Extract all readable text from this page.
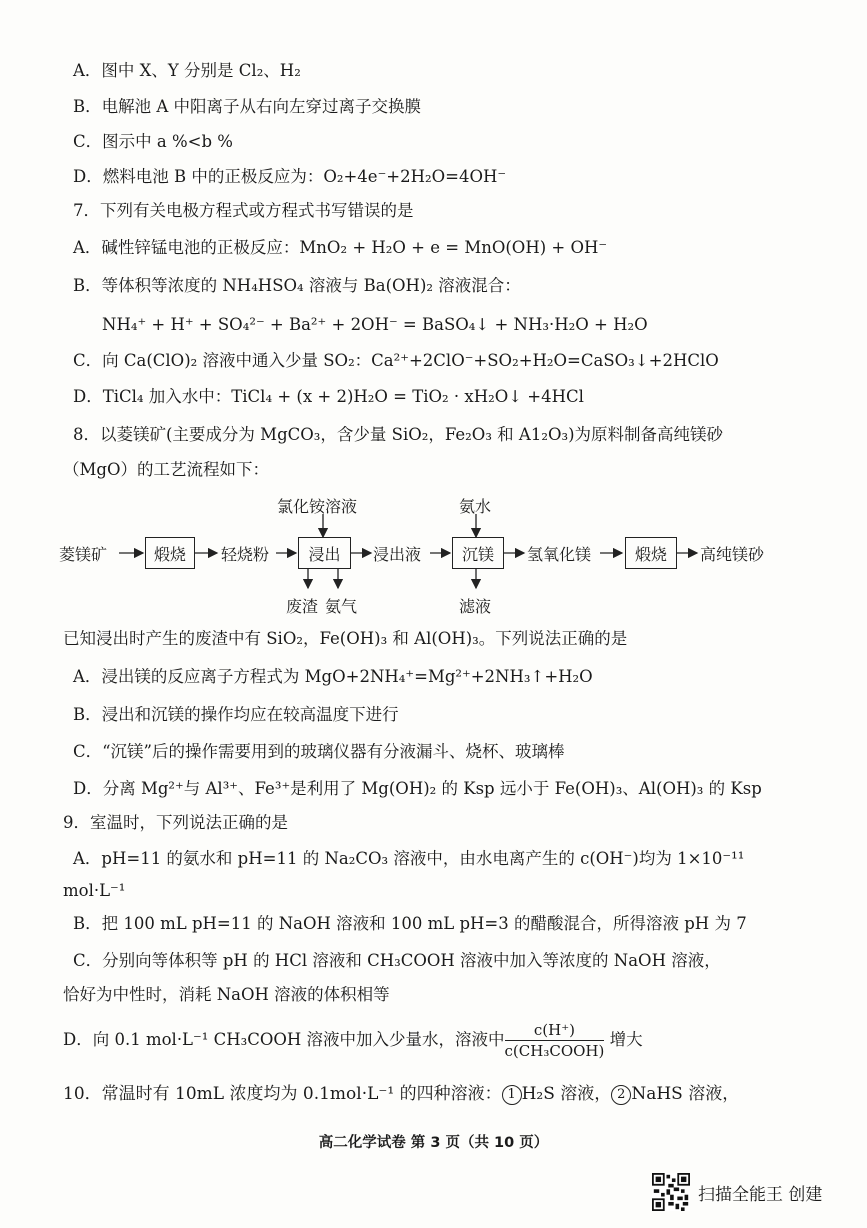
A．图中 X、Y 分别是 Cl₂、H₂
B．电解池 A 中阳离子从右向左穿过离子交换膜
C．图示中 a %<b %
D．燃料电池 B 中的正极反应为：O₂+4e⁻+2H₂O=4OH⁻
7．下列有关电极方程式或方程式书写错误的是
A．碱性锌锰电池的正极反应：MnO₂ + H₂O + e = MnO(OH) + OH⁻
B．等体积等浓度的 NH₄HSO₄ 溶液与 Ba(OH)₂ 溶液混合：
NH₄⁺ + H⁺ + SO₄²⁻ + Ba²⁺ + 2OH⁻ = BaSO₄↓ + NH₃·H₂O + H₂O
C．向 Ca(ClO)₂ 溶液中通入少量 SO₂：Ca²⁺+2ClO⁻+SO₂+H₂O=CaSO₃↓+2HClO
D．TiCl₄ 加入水中：TiCl₄ + (x + 2)H₂O = TiO₂ · xH₂O↓ +4HCl
8．以菱镁矿(主要成分为 MgCO₃，含少量 SiO₂，Fe₂O₃ 和 A1₂O₃)为原料制备高纯镁砂
（MgO）的工艺流程如下：
菱镁矿	煅烧	轻烧粉
氯化铵溶液
浸出
废渣 氨气
浸出液
氨水
沉镁
滤液
氢氧化镁	煅烧	高纯镁砂
已知浸出时产生的废渣中有 SiO₂，Fe(OH)₃ 和 Al(OH)₃。下列说法正确的是
A．浸出镁的反应离子方程式为 MgO+2NH₄⁺=Mg²⁺+2NH₃↑+H₂O
B．浸出和沉镁的操作均应在较高温度下进行
C．“沉镁”后的操作需要用到的玻璃仪器有分液漏斗、烧杯、玻璃棒
D．分离 Mg²⁺与 Al³⁺、Fe³⁺是利用了 Mg(OH)₂ 的 Ksp 远小于 Fe(OH)₃、Al(OH)₃ 的 Ksp
9．室温时，下列说法正确的是
A．pH=11 的氨水和 pH=11 的 Na₂CO₃ 溶液中，由水电离产生的 c(OH⁻)均为 1×10⁻¹¹
mol·L⁻¹
B．把 100 mL pH=11 的 NaOH 溶液和 100 mL pH=3 的醋酸混合，所得溶液 pH 为 7
C．分别向等体积等 pH 的 HCl 溶液和 CH₃COOH 溶液中加入等浓度的 NaOH 溶液，
恰好为中性时，消耗 NaOH 溶液的体积相等
D．向 0.1 mol·L⁻¹ CH₃COOH 溶液中加入少量水，溶液中 $\frac{c(H^+)}{\text{c(CH₃COOH)}}$ 增大
10．常温时有 10mL 浓度均为 0.1mol·L⁻¹ 的四种溶液： 1 H₂S 溶液， 2 NaHS 溶液，
高二化学试卷 第 3 页（共 10 页）
扫描全能王 创建
